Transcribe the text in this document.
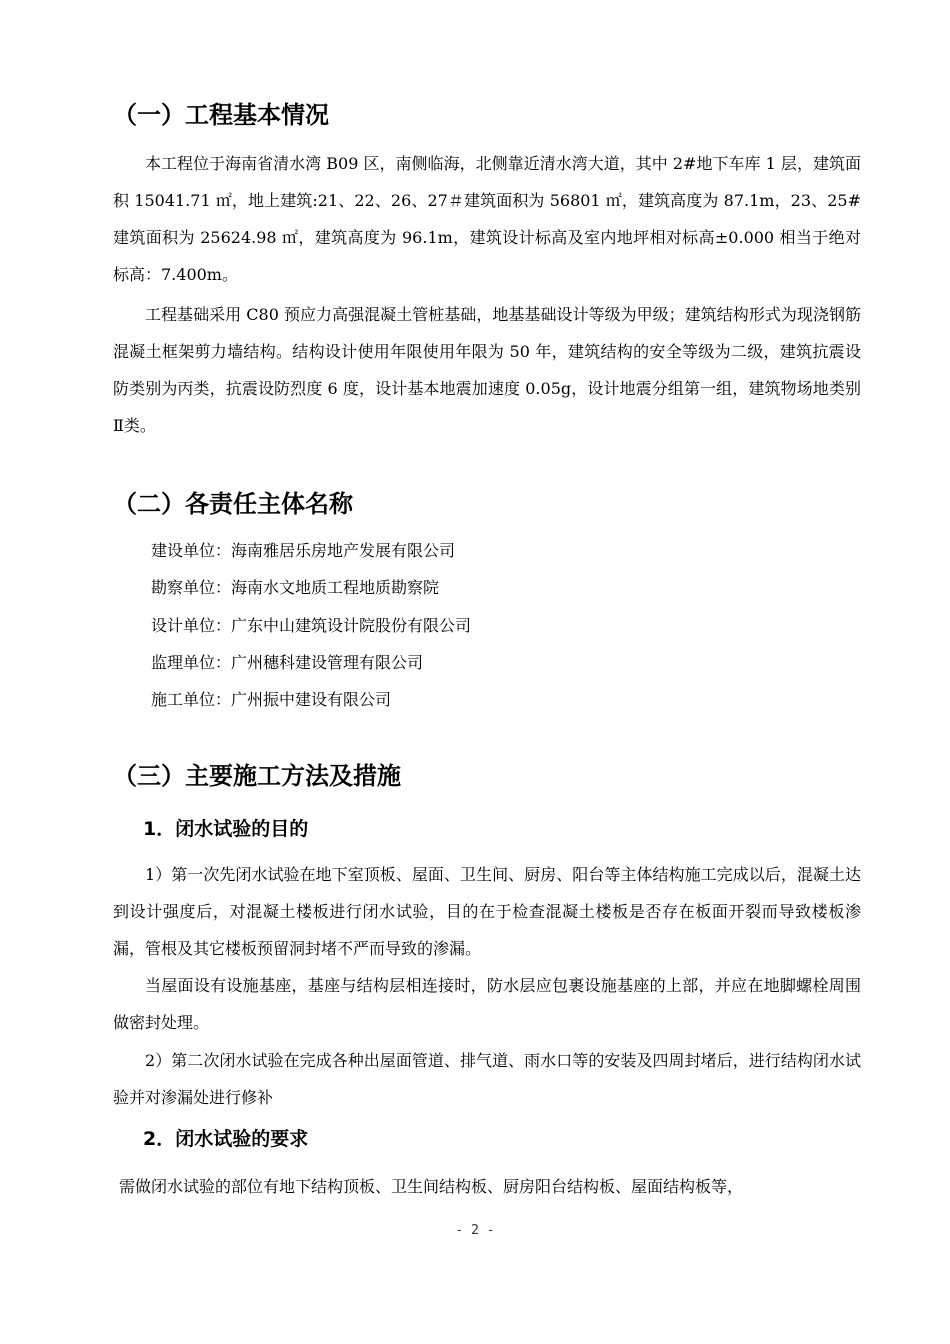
（一）工程基本情况

本工程位于海南省清水湾 B09 区，南侧临海，北侧靠近清水湾大道，其中 2#地下车库 1 层，建筑面积 15041.71 ㎡，地上建筑:21、22、26、27＃建筑面积为 56801 ㎡，建筑高度为 87.1m，23、25#建筑面积为 25624.98 ㎡，建筑高度为 96.1m，建筑设计标高及室内地坪相对标高±0.000 相当于绝对标高：7.400m。

工程基础采用 C80 预应力高强混凝土管桩基础，地基基础设计等级为甲级；建筑结构形式为现浇钢筋混凝土框架剪力墙结构。结构设计使用年限使用年限为 50 年，建筑结构的安全等级为二级，建筑抗震设防类别为丙类，抗震设防烈度 6 度，设计基本地震加速度 0.05g，设计地震分组第一组，建筑物场地类别Ⅱ类。

（二）各责任主体名称

建设单位：海南雅居乐房地产发展有限公司

勘察单位：海南水文地质工程地质勘察院

设计单位：广东中山建筑设计院股份有限公司

监理单位：广州穗科建设管理有限公司

施工单位：广州振中建设有限公司

（三）主要施工方法及措施
1．闭水试验的目的

1）第一次先闭水试验在地下室顶板、屋面、卫生间、厨房、阳台等主体结构施工完成以后，混凝土达到设计强度后，对混凝土楼板进行闭水试验，目的在于检查混凝土楼板是否存在板面开裂而导致楼板渗漏，管根及其它楼板预留洞封堵不严而导致的渗漏。

当屋面设有设施基座，基座与结构层相连接时，防水层应包裹设施基座的上部，并应在地脚螺栓周围做密封处理。

2）第二次闭水试验在完成各种出屋面管道、排气道、雨水口等的安装及四周封堵后，进行结构闭水试验并对渗漏处进行修补

2．闭水试验的要求

需做闭水试验的部位有地下结构顶板、卫生间结构板、厨房阳台结构板、屋面结构板等，

- 2 -
